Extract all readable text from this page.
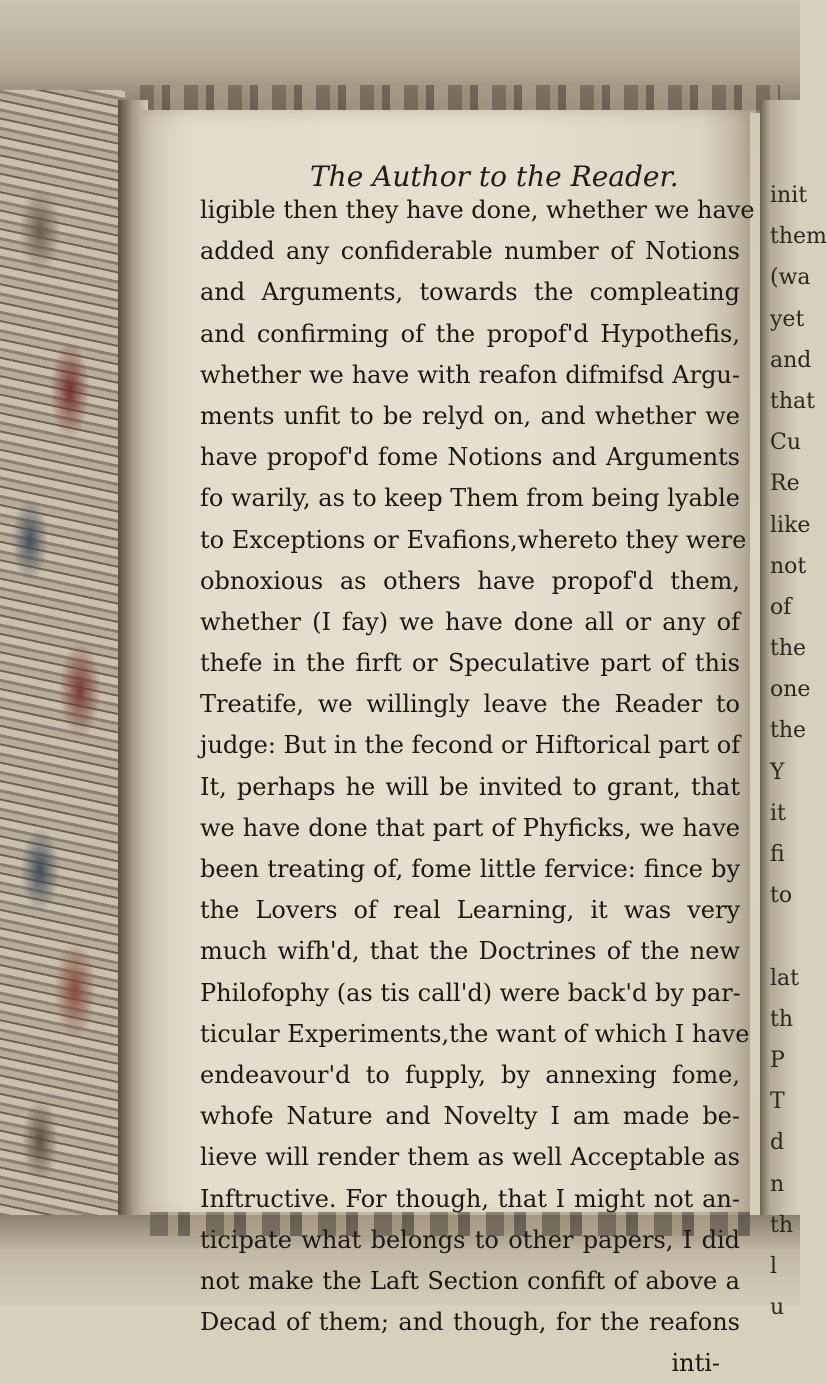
The Author to the Reader.
ligible then they have done, whether we have
added any confiderable number of Notions
and Arguments, towards the compleating
and confirming of the propof'd Hypothefis,
whether we have with reafon difmifsd Argu-
ments unfit to be relyd on, and whether we
have propof'd fome Notions and Arguments
fo warily, as to keep Them from being lyable
to Exceptions or Evafions,whereto they were
obnoxious as others have propof'd them,
whether (I fay) we have done all or any of
thefe in the firft or Speculative part of this
Treatife, we willingly leave the Reader to
judge: But in the fecond or Hiftorical part of
It, perhaps he will be invited to grant, that
we have done that part of Phyficks, we have
been treating of, fome little fervice: fince by
the Lovers of real Learning, it was very
much wifh'd, that the Doctrines of the new
Philofophy (as tis call'd) were back'd by par-
ticular Experiments,the want of which I have
endeavour'd to fupply, by annexing fome,
whofe Nature and Novelty I am made be-
lieve will render them as well Acceptable as
Inftructive. For though, that I might not an-
ticipate what belongs to other papers, I did
not make the Laft Section confift of above a
Decad of them; and though, for the reafons
inti-
init
them
(wa
yet
and
that
Cu
Re
like
not
of
the
one
the
Y
it
fi
to
lat
th
P
T
d
n
th
l
u
